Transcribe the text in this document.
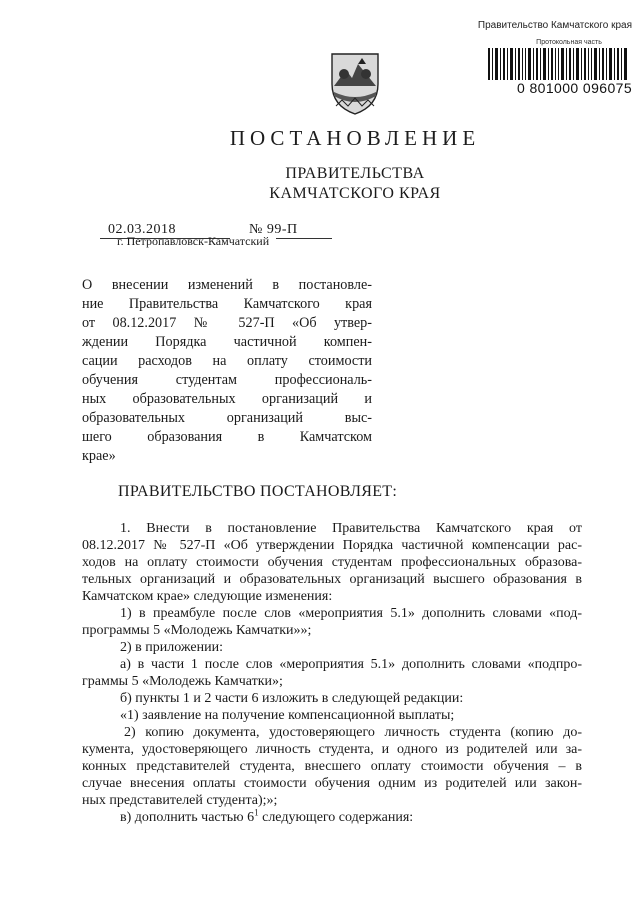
Правительство Камчатского края
Протокольная часть
0 801000 096075
ПОСТАНОВЛЕНИЕ
ПРАВИТЕЛЬСТВА
КАМЧАТСКОГО КРАЯ
02.03.2018	№ 99-П
г. Петропавловск-Камчатский
О внесении изменений в постановле-
ние Правительства Камчатского края
от 08.12.2017 № 527-П «Об утвер-
ждении Порядка частичной компен-
сации расходов на оплату стоимости
обучения студентам профессиональ-
ных образовательных организаций и
образовательных организаций выс-
шего образования в Камчатском
крае»
ПРАВИТЕЛЬСТВО ПОСТАНОВЛЯЕТ:
1. Внести в постановление Правительства Камчатского края от
08.12.2017 № 527-П «Об утверждении Порядка частичной компенсации рас-
ходов на оплату стоимости обучения студентам профессиональных образова-
тельных организаций и образовательных организаций высшего образования в
Камчатском крае» следующие изменения:
1) в преамбуле после слов «мероприятия 5.1» дополнить словами «под-
программы 5 «Молодежь Камчатки»»;
2) в приложении:
а) в части 1 после слов «мероприятия 5.1» дополнить словами «подпро-
граммы 5 «Молодежь Камчатки»;
б) пункты 1 и 2 части 6 изложить в следующей редакции:
«1) заявление на получение компенсационной выплаты;
2) копию документа, удостоверяющего личность студента (копию до-
кумента, удостоверяющего личность студента, и одного из родителей или за-
конных представителей студента, внесшего оплату стоимости обучения – в
случае внесения оплаты стоимости обучения одним из родителей или закон-
ных представителей студента);»;
в) дополнить частью $6^1$ следующего содержания:
